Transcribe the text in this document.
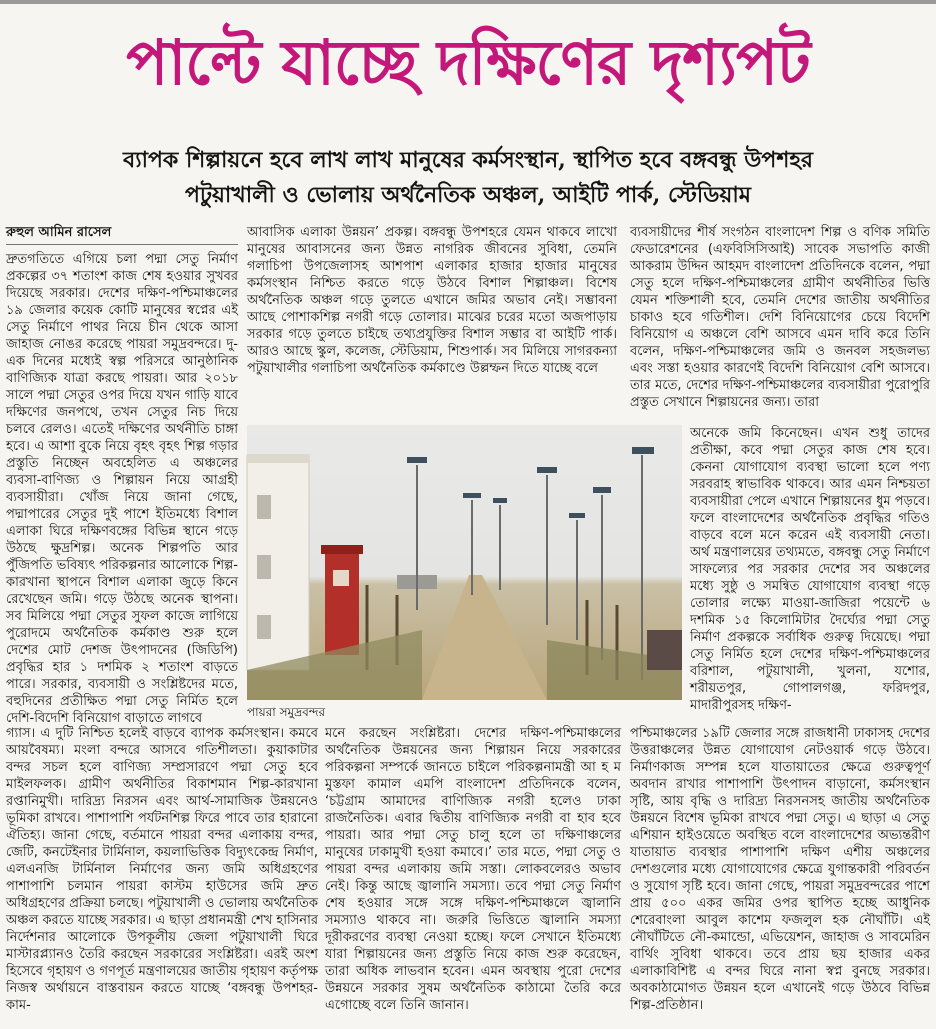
পাল্টে যাচ্ছে দক্ষিণের দৃশ্যপট
ব্যাপক শিল্পায়নে হবে লাখ লাখ মানুষের কর্মসংস্থান, স্থাপিত হবে বঙ্গবন্ধু উপশহর
পটুয়াখালী ও ভোলায় অর্থনৈতিক অঞ্চল, আইটি পার্ক, স্টেডিয়াম
রুহুল আমিন রাসেল

দ্রুতগতিতে এগিয়ে চলা পদ্মা সেতু নির্মাণ প্রকল্পের ৩৭ শতাংশ কাজ শেষ হওয়ার সুখবর দিয়েছে সরকার। দেশের দক্ষিণ-পশ্চিমাঞ্চলের ১৯ জেলার কয়েক কোটি মানুষের স্বপ্নের এই সেতু নির্মাণে পাথর নিয়ে চীন থেকে আসা জাহাজ নোঙর করেছে পায়রা সমুদ্রবন্দরে। দু-এক দিনের মধ্যেই স্বল্প পরিসরে আনুষ্ঠানিক বাণিজ্যিক যাত্রা করছে পায়রা। আর ২০১৮ সালে পদ্মা সেতুর ওপর দিয়ে যখন গাড়ি যাবে দক্ষিণের জনপথে, তখন সেতুর নিচ দিয়ে চলবে রেলও। এতেই দক্ষিণের অর্থনীতি চাঙ্গা হবে। এ আশা বুকে নিয়ে বৃহৎ বৃহৎ শিল্প গড়ার প্রস্তুতি নিচ্ছেন অবহেলিত এ অঞ্চলের ব্যবসা-বাণিজ্য ও শিল্পায়ন নিয়ে আগ্রহী ব্যবসায়ীরা। খোঁজ নিয়ে জানা গেছে, পদ্মাপারের সেতুর দুই পাশে ইতিমধ্যে বিশাল এলাকা ঘিরে দক্ষিণবঙ্গের বিভিন্ন স্থানে গড়ে উঠছে ক্ষুদ্রশিল্প। অনেক শিল্পপতি আর পুঁজিপতি ভবিষ্যৎ পরিকল্পনার আলোকে শিল্প-কারখানা স্থাপনে বিশাল এলাকা জুড়ে কিনে রেখেছেন জমি। গড়ে উঠছে অনেক স্থাপনা। সব মিলিয়ে পদ্মা সেতুর সুফল কাজে লাগিয়ে পুরোদমে অর্থনৈতিক কর্মকাণ্ড শুরু হলে দেশের মোট দেশজ উৎপাদনের (জিডিপি) প্রবৃদ্ধির হার ১ দশমিক ২ শতাংশ বাড়তে পারে। সরকার, ব্যবসায়ী ও সংশ্লিষ্টদের মতে, বহুদিনের প্রতীক্ষিত পদ্মা সেতু নির্মিত হলে দেশি-বিদেশি বিনিয়োগ বাড়াতে লাগবে

গ্যাস। এ দুটি নিশ্চিত হলেই বাড়বে ব্যাপক কর্মসংস্থান। কমবে আয়বৈষম্য। মংলা বন্দরে আসবে গতিশীলতা। কুয়াকাটার বন্দর সচল হলে বাণিজ্য সম্প্রসারণে পদ্মা সেতু হবে মাইলফলক। গ্রামীণ অর্থনীতির বিকাশমান শিল্প-কারখানা রপ্তানিমুখী। দারিদ্র্য নিরসন এবং আর্থ-সামাজিক উন্নয়নেও ভূমিকা রাখবে। পাশাপাশি পর্যটনশিল্প ফিরে পাবে তার হারানো ঐতিহ্য। জানা গেছে, বর্তমানে পায়রা বন্দর এলাকায় বন্দর, জেটি, কনটেইনার টার্মিনাল, কয়লাভিত্তিক বিদ্যুৎকেন্দ্র নির্মাণ, এলএনজি টার্মিনাল নির্মাণের জন্য জমি অধিগ্রহণের পাশাপাশি চলমান পায়রা কাস্টম হাউসের জমি দ্রুত অধিগ্রহণের প্রক্রিয়া চলছে। পটুয়াখালী ও ভোলায় অর্থনৈতিক অঞ্চল করতে যাচ্ছে সরকার। এ ছাড়া প্রধানমন্ত্রী শেখ হাসিনার নির্দেশনার আলোকে উপকূলীয় জেলা পটুয়াখালী ঘিরে মাস্টারপ্ল্যানও তৈরি করছেন সরকারের সংশ্লিষ্টরা। এরই অংশ হিসেবে গৃহায়ণ ও গণপূর্ত মন্ত্রণালয়ের জাতীয় গৃহায়ণ কর্তৃপক্ষ নিজস্ব অর্থায়নে বাস্তবায়ন করতে যাচ্ছে ‘বঙ্গবন্ধু উপশহর-কাম-

আবাসিক এলাকা উন্নয়ন’ প্রকল্প। বঙ্গবন্ধু উপশহরে যেমন থাকবে লাখো মানুষের আবাসনের জন্য উন্নত নাগরিক জীবনের সুবিধা, তেমনি গলাচিপা উপজেলাসহ আশপাশ এলাকার হাজার হাজার মানুষের কর্মসংস্থান নিশ্চিত করতে গড়ে উঠবে বিশাল শিল্পাঞ্চল। বিশেষ অর্থনৈতিক অঞ্চল গড়ে তুলতে এখানে জমির অভাব নেই। সম্ভাবনা আছে পোশাকশিল্প নগরী গড়ে তোলার। মাঝের চরের মতো অজপাড়ায় সরকার গড়ে তুলতে চাইছে তথ্যপ্রযুক্তির বিশাল সম্ভার বা আইটি পার্ক। আরও আছে স্কুল, কলেজ, স্টেডিয়াম, শিশুপার্ক। সব মিলিয়ে সাগরকন্যা পটুয়াখালীর গলাচিপা অর্থনৈতিক কর্মকাণ্ডে উল্লম্ফন দিতে যাচ্ছে বলে

মনে করছেন সংশ্লিষ্টরা। দেশের দক্ষিণ-পশ্চিমাঞ্চলের অর্থনৈতিক উন্নয়নের জন্য শিল্পায়ন নিয়ে সরকারের পরিকল্পনা সম্পর্কে জানতে চাইলে পরিকল্পনামন্ত্রী আ হ ম মুস্তফা কামাল এমপি বাংলাদেশ প্রতিদিনকে বলেন, ‘চট্টগ্রাম আমাদের বাণিজ্যিক নগরী হলেও ঢাকা রাজনৈতিক। এবার দ্বিতীয় বাণিজ্যিক নগরী বা হাব হবে পায়রা। আর পদ্মা সেতু চালু হলে তা দক্ষিণাঞ্চলের মানুষের ঢাকামুখী হওয়া কমাবে।’ তার মতে, পদ্মা সেতু ও পায়রা বন্দর এলাকায় জমি সস্তা। লোকবলেরও অভাব নেই। কিন্তু আছে জ্বালানি সমস্যা। তবে পদ্মা সেতু নির্মাণ শেষ হওয়ার সঙ্গে সঙ্গে দক্ষিণ-পশ্চিমাঞ্চলে জ্বালানি সমস্যাও থাকবে না। জরুরি ভিত্তিতে জ্বালানি সমস্যা দূরীকরণের ব্যবস্থা নেওয়া হচ্ছে। ফলে সেখানে ইতিমধ্যে যারা শিল্পায়নের জন্য প্রস্তুতি নিয়ে কাজ শুরু করেছেন, তারা অধিক লাভবান হবেন। এমন অবস্থায় পুরো দেশের উন্নয়নে সরকার সুষম অর্থনৈতিক কাঠামো তৈরি করে এগোচ্ছে বলে তিনি জানান।

ব্যবসায়ীদের শীর্ষ সংগঠন বাংলাদেশ শিল্প ও বণিক সমিতি ফেডারেশনের (এফবিসিসিআই) সাবেক সভাপতি কাজী আকরাম উদ্দিন আহমদ বাংলাদেশ প্রতিদিনকে বলেন, পদ্মা সেতু হলে দক্ষিণ-পশ্চিমাঞ্চলের গ্রামীণ অর্থনীতির ভিত্তি যেমন শক্তিশালী হবে, তেমনি দেশের জাতীয় অর্থনীতির চাকাও হবে গতিশীল। দেশি বিনিয়োগের চেয়ে বিদেশি বিনিয়োগ এ অঞ্চলে বেশি আসবে এমন দাবি করে তিনি বলেন, দক্ষিণ-পশ্চিমাঞ্চলের জমি ও জনবল সহজলভ্য এবং সস্তা হওয়ার কারণেই বিদেশি বিনিয়োগ বেশি আসবে। তার মতে, দেশের দক্ষিণ-পশ্চিমাঞ্চলের ব্যবসায়ীরা পুরোপুরি প্রস্তুত সেখানে শিল্পায়নের জন্য। তারা

অনেকে জমি কিনেছেন। এখন শুধু তাদের প্রতীক্ষা, কবে পদ্মা সেতুর কাজ শেষ হবে। কেননা যোগাযোগ ব্যবস্থা ভালো হলে পণ্য সরবরাহ স্বাভাবিক থাকবে। আর এমন নিশ্চয়তা ব্যবসায়ীরা পেলে এখানে শিল্পায়নের ধুম পড়বে। ফলে বাংলাদেশের অর্থনৈতিক প্রবৃদ্ধির গতিও বাড়বে বলে মনে করেন এই ব্যবসায়ী নেতা। অর্থ মন্ত্রণালয়ের তথ্যমতে, বঙ্গবন্ধু সেতু নির্মাণে সাফল্যের পর সরকার দেশের সব অঞ্চলের মধ্যে সুষ্ঠু ও সমন্বিত যোগাযোগ ব্যবস্থা গড়ে তোলার লক্ষ্যে মাওয়া-জাজিরা পয়েন্টে ৬ দশমিক ১৫ কিলোমিটার দৈর্ঘ্যের পদ্মা সেতু নির্মাণ প্রকল্পকে সর্বাধিক গুরুত্ব দিয়েছে। পদ্মা সেতু নির্মিত হলে দেশের দক্ষিণ-পশ্চিমাঞ্চলের বরিশাল, পটুয়াখালী, খুলনা, যশোর, শরীয়তপুর, গোপালগঞ্জ, ফরিদপুর, মাদারীপুরসহ দক্ষিণ-

পশ্চিমাঞ্চলের ১৯টি জেলার সঙ্গে রাজধানী ঢাকাসহ দেশের উত্তরাঞ্চলের উন্নত যোগাযোগ নেটওয়ার্ক গড়ে উঠবে। নির্মাণকাজ সম্পন্ন হলে যাতায়াতের ক্ষেত্রে গুরুত্বপূর্ণ অবদান রাখার পাশাপাশি উৎপাদন বাড়ানো, কর্মসংস্থান সৃষ্টি, আয় বৃদ্ধি ও দারিদ্র্য নিরসনসহ জাতীয় অর্থনৈতিক উন্নয়নে বিশেষ ভূমিকা রাখবে পদ্মা সেতু। এ ছাড়া এ সেতু এশিয়ান হাইওয়েতে অবস্থিত বলে বাংলাদেশের অভ্যন্তরীণ যাতায়াত ব্যবস্থার পাশাপাশি দক্ষিণ এশীয় অঞ্চলের দেশগুলোর মধ্যে যোগাযোগের ক্ষেত্রে যুগান্তকারী পরিবর্তন ও সুযোগ সৃষ্টি হবে। জানা গেছে, পায়রা সমুদ্রবন্দরের পাশে প্রায় ৫০০ একর জমির ওপর স্থাপিত হচ্ছে আধুনিক শেরেবাংলা আবুল কাশেম ফজলুল হক নৌঘাঁটি। এই নৌঘাঁটিতে নৌ-কমান্ডো, এভিয়েশন, জাহাজ ও সাবমেরিন বার্থিং সুবিধা থাকবে। তবে প্রায় ছয় হাজার একর এলাকাবিশিষ্ট এ বন্দর ঘিরে নানা স্বপ্ন বুনছে সরকার। অবকাঠামোগত উন্নয়ন হলে এখানেই গড়ে উঠবে বিভিন্ন শিল্প-প্রতিষ্ঠান।

পায়রা সমুদ্রবন্দর
